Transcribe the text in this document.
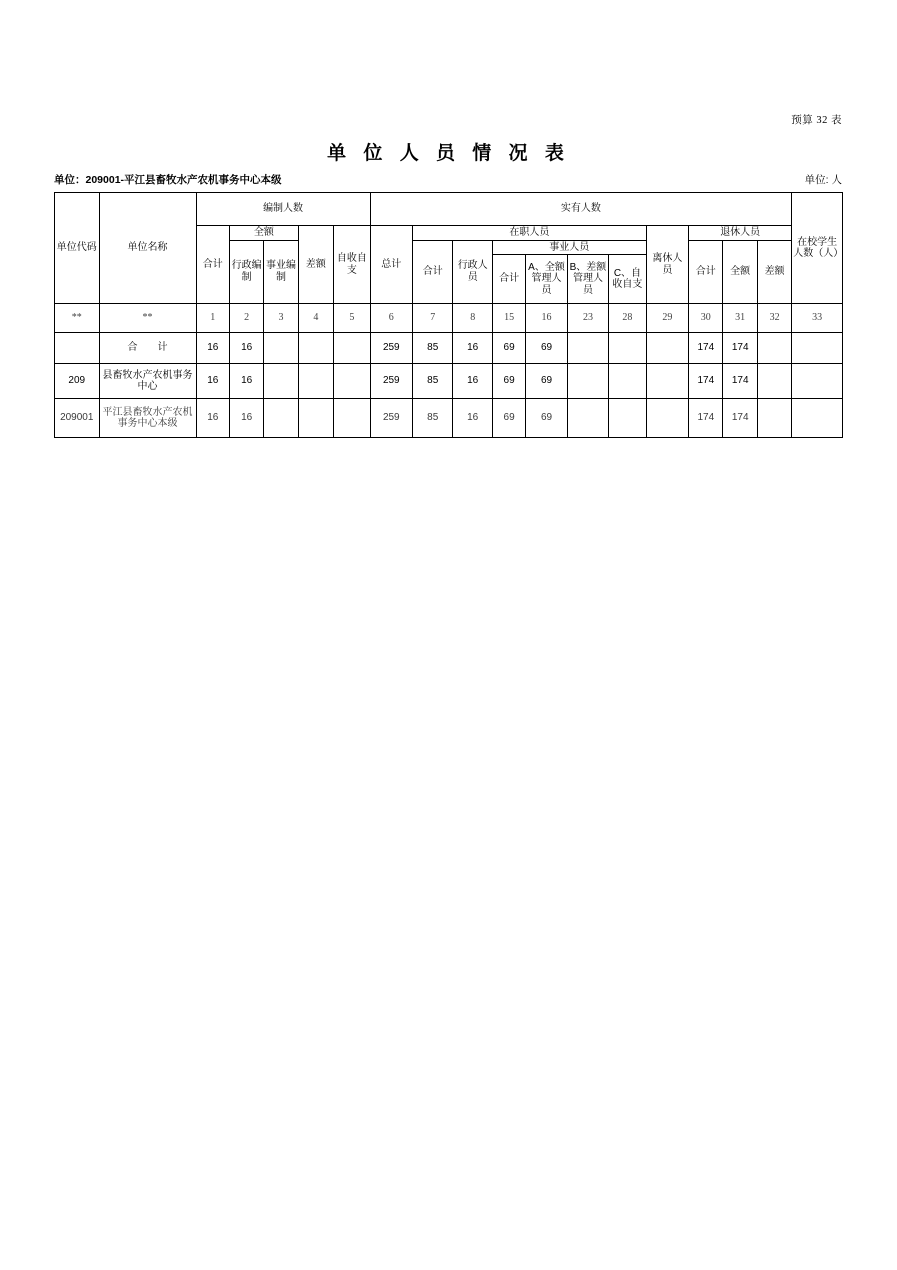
预算 32 表
单 位 人 员 情 况 表
单位：209001-平江县畜牧水产农机事务中心本级	单位: 人
单位代码	单位名称	编制人数					实有人数											在校学生人数（人）
		合计	全额		差额	自收自支	总计	在职人员						离休人员	退休人员			
			行政编制	事业编制				合计	行政人员	事业人员					合计	全额	差额	
										合计	A、全额管理人员	B、差额管理人员	C、自收自支					
**	**	1	2	3	4	5	6	7	8	15	16	23	28	29	30	31	32	33
	合　　计	16	16				259	85	16	69	69				174	174		
209	县畜牧水产农机事务中心	16	16				259	85	16	69	69				174	174		
209001	平江县畜牧水产农机事务中心本级	16	16				259	85	16	69	69				174	174		
